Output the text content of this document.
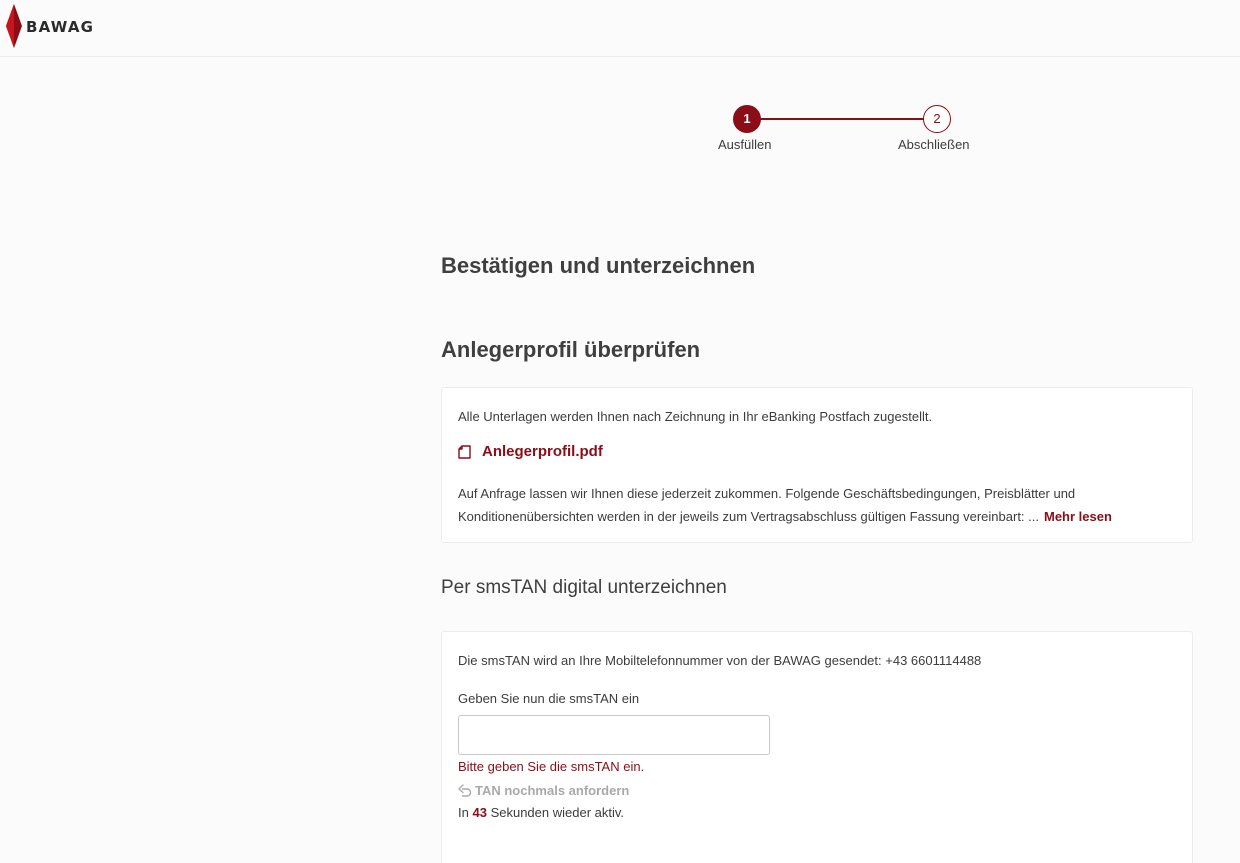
BAWAG
1	2
Ausfüllen	Abschließen
Bestätigen und unterzeichnen
Anlegerprofil überprüfen
Alle Unterlagen werden Ihnen nach Zeichnung in Ihr eBanking Postfach zugestellt.
Anlegerprofil.pdf
Auf Anfrage lassen wir Ihnen diese jederzeit zukommen. Folgende Geschäftsbedingungen, Preisblätter und Konditionenübersichten werden in der jeweils zum Vertragsabschluss gültigen Fassung vereinbart: ... Mehr lesen
Per smsTAN digital unterzeichnen
Die smsTAN wird an Ihre Mobiltelefonnummer von der BAWAG gesendet: +43 6601114488
Geben Sie nun die smsTAN ein
Bitte geben Sie die smsTAN ein.
TAN nochmals anfordern
In 43 Sekunden wieder aktiv.
